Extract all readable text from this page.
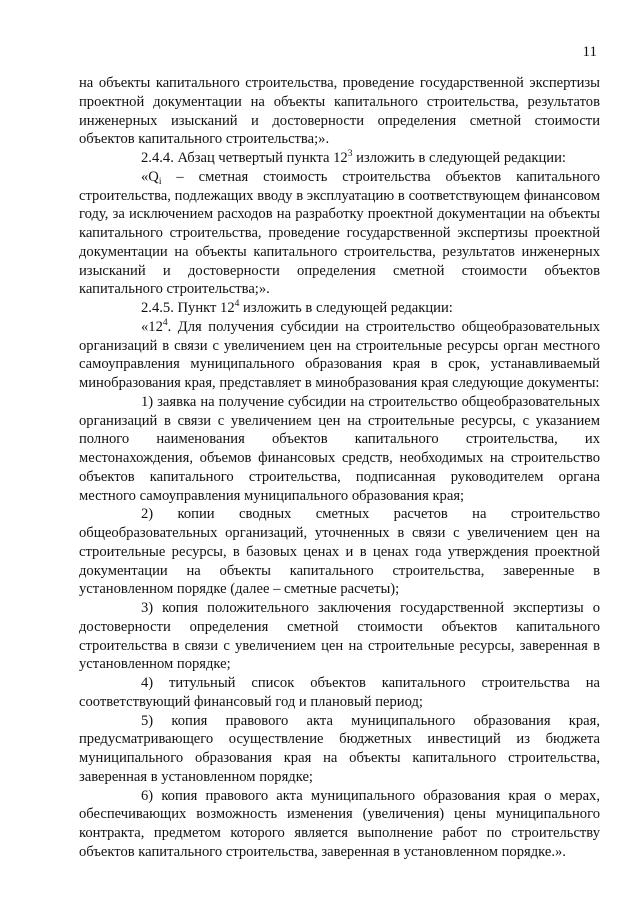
11

на объекты капитального строительства, проведение государственной экспертизы проектной документации на объекты капитального строительства, результатов инженерных изысканий и достоверности определения сметной стоимости объектов капитального строительства;».

2.4.4. Абзац четвертый пункта $12^3$ изложить в следующей редакции:

«$Q_i$ – сметная стоимость строительства объектов капитального строительства, подлежащих вводу в эксплуатацию в соответствующем финансовом году, за исключением расходов на разработку проектной документации на объекты капитального строительства, проведение государственной экспертизы проектной документации на объекты капитального строительства, результатов инженерных изысканий и достоверности определения сметной стоимости объектов капитального строительства;».

2.4.5. Пункт $12^4$ изложить в следующей редакции:

«$12^4$. Для получения субсидии на строительство общеобразовательных организаций в связи с увеличением цен на строительные ресурсы орган местного самоуправления муниципального образования края в срок, устанавливаемый минобразования края, представляет в минобразования края следующие документы:

1) заявка на получение субсидии на строительство общеобразовательных организаций в связи с увеличением цен на строительные ресурсы, с указанием полного наименования объектов капитального строительства, их местонахождения, объемов финансовых средств, необходимых на строительство объектов капитального строительства, подписанная руководителем органа местного самоуправления муниципального образования края;

2) копии сводных сметных расчетов на строительство общеобразовательных организаций, уточненных в связи с увеличением цен на строительные ресурсы, в базовых ценах и в ценах года утверждения проектной документации на объекты капитального строительства, заверенные в установленном порядке (далее – сметные расчеты);

3) копия положительного заключения государственной экспертизы о достоверности определения сметной стоимости объектов капитального строительства в связи с увеличением цен на строительные ресурсы, заверенная в установленном порядке;

4) титульный список объектов капитального строительства на соответствующий финансовый год и плановый период;

5) копия правового акта муниципального образования края, предусматривающего осуществление бюджетных инвестиций из бюджета муниципального образования края на объекты капитального строительства, заверенная в установленном порядке;

6) копия правового акта муниципального образования края о мерах, обеспечивающих возможность изменения (увеличения) цены муниципального контракта, предметом которого является выполнение работ по строительству объектов капитального строительства, заверенная в установленном порядке.».
